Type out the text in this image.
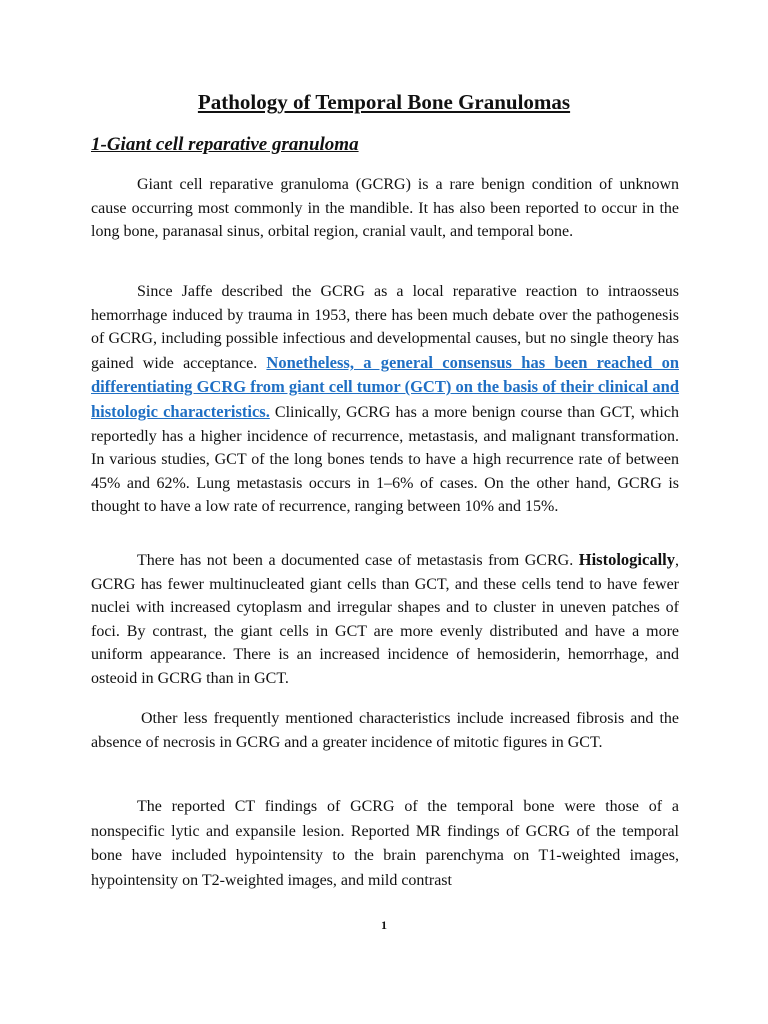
Pathology of Temporal Bone Granulomas
1-Giant cell reparative granuloma

Giant cell reparative granuloma (GCRG) is a rare benign condition of unknown cause occurring most commonly in the mandible. It has also been reported to occur in the long bone, paranasal sinus, orbital region, cranial vault, and temporal bone.

Since Jaffe described the GCRG as a local reparative reaction to intraosseus hemorrhage induced by trauma in 1953, there has been much debate over the pathogenesis of GCRG, including possible infectious and developmental causes, but no single theory has gained wide acceptance. Nonetheless, a general consensus has been reached on differentiating GCRG from giant cell tumor (GCT) on the basis of their clinical and histologic characteristics. Clinically, GCRG has a more benign course than GCT, which reportedly has a higher incidence of recurrence, metastasis, and malignant transformation. In various studies, GCT of the long bones tends to have a high recurrence rate of between 45% and 62%. Lung metastasis occurs in 1–6% of cases. On the other hand, GCRG is thought to have a low rate of recurrence, ranging between 10% and 15%.

There has not been a documented case of metastasis from GCRG. Histologically, GCRG has fewer multinucleated giant cells than GCT, and these cells tend to have fewer nuclei with increased cytoplasm and irregular shapes and to cluster in uneven patches of foci. By contrast, the giant cells in GCT are more evenly distributed and have a more uniform appearance. There is an increased incidence of hemosiderin, hemorrhage, and osteoid in GCRG than in GCT.

Other less frequently mentioned characteristics include increased fibrosis and the absence of necrosis in GCRG and a greater incidence of mitotic figures in GCT.

The reported CT findings of GCRG of the temporal bone were those of a nonspecific lytic and expansile lesion. Reported MR findings of GCRG of the temporal bone have included hypointensity to the brain parenchyma on T1-weighted images, hypointensity on T2-weighted images, and mild contrast

1
